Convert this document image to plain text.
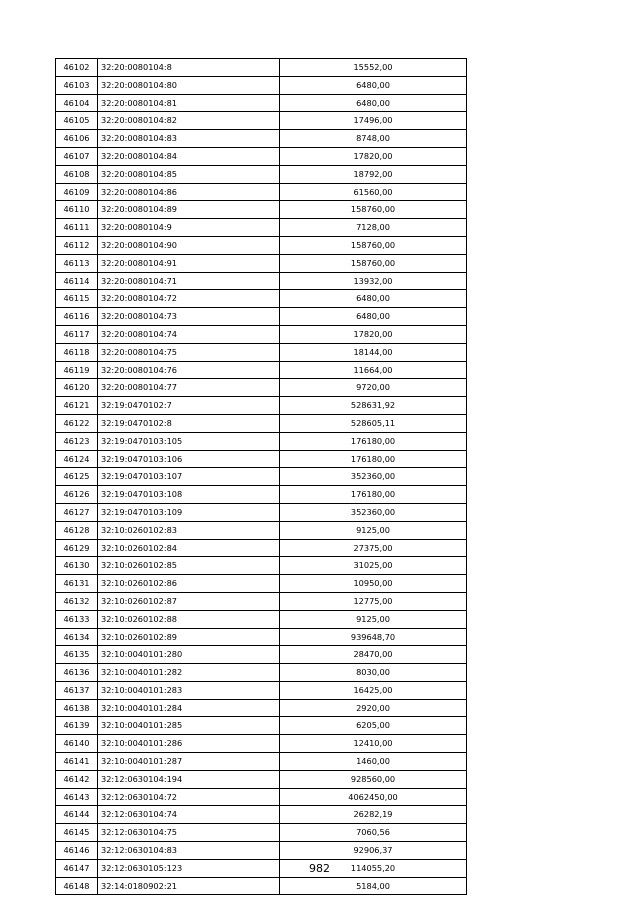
46102	32:20:0080104:8	15552,00
46103	32:20:0080104:80	6480,00
46104	32:20:0080104:81	6480,00
46105	32:20:0080104:82	17496,00
46106	32:20:0080104:83	8748,00
46107	32:20:0080104:84	17820,00
46108	32:20:0080104:85	18792,00
46109	32:20:0080104:86	61560,00
46110	32:20:0080104:89	158760,00
46111	32:20:0080104:9	7128,00
46112	32:20:0080104:90	158760,00
46113	32:20:0080104:91	158760,00
46114	32:20:0080104:71	13932,00
46115	32:20:0080104:72	6480,00
46116	32:20:0080104:73	6480,00
46117	32:20:0080104:74	17820,00
46118	32:20:0080104:75	18144,00
46119	32:20:0080104:76	11664,00
46120	32:20:0080104:77	9720,00
46121	32:19:0470102:7	528631,92
46122	32:19:0470102:8	528605,11
46123	32:19:0470103:105	176180,00
46124	32:19:0470103:106	176180,00
46125	32:19:0470103:107	352360,00
46126	32:19:0470103:108	176180,00
46127	32:19:0470103:109	352360,00
46128	32:10:0260102:83	9125,00
46129	32:10:0260102:84	27375,00
46130	32:10:0260102:85	31025,00
46131	32:10:0260102:86	10950,00
46132	32:10:0260102:87	12775,00
46133	32:10:0260102:88	9125,00
46134	32:10:0260102:89	939648,70
46135	32:10:0040101:280	28470,00
46136	32:10:0040101:282	8030,00
46137	32:10:0040101:283	16425,00
46138	32:10:0040101:284	2920,00
46139	32:10:0040101:285	6205,00
46140	32:10:0040101:286	12410,00
46141	32:10:0040101:287	1460,00
46142	32:12:0630104:194	928560,00
46143	32:12:0630104:72	4062450,00
46144	32:12:0630104:74	26282,19
46145	32:12:0630104:75	7060,56
46146	32:12:0630104:83	92906,37
46147	32:12:0630105:123	114055,20
46148	32:14:0180902:21	5184,00
982
